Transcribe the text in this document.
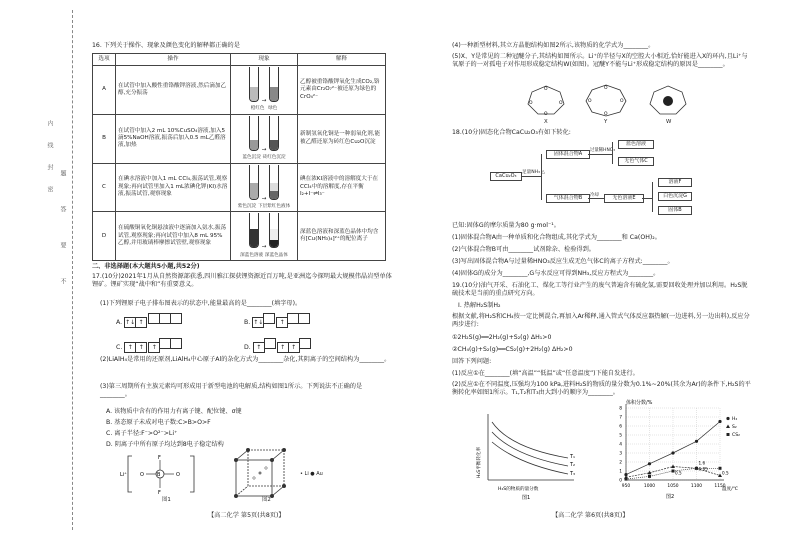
题答要不
内线封密
16. 下列关于操作、现象及颜色变化的解释都正确的是
选项	操作	现象	解释
A	在试管中加入酸性重铬酸钾溶液,然后滴加乙醇,充分振荡	→

橙红色 绿色	乙醇被重铬酸钾氧化生成CO₂,铬元素由Cr₂O₇²⁻被还原为绿色的CrO₄²⁻
B	在试管中加入2 mL 10%CuSO₄溶液,加入5滴5%NaOH溶液,振荡后加入0.5 mL乙醛溶液,加热	→

蓝色沉淀 砖红色沉淀	新制氢氧化铜是一种弱氧化剂,能被乙醛还原为砖红色Cu₂O沉淀
C	在碘水溶液中加入1 mL CCl₄,振荡试管,观察现象;再向试管里加入1 mL浓碘化钾(KI)水溶液,振荡试管,观察现象	→

紫色沉淀 下层紫红色液体	碘在浓KI溶液中的溶解度大于在CCl₄中的溶解度,存在平衡 I₂+I⁻⇌I₃⁻
D	在硫酸铜氧化铜悬浊液中逐滴加入氨水,振荡试管,观察现象;再向试管中加入8 mL 95%乙醇,并用玻璃棒摩擦试管壁,观察现象	→

深蓝色溶液 深蓝色晶体	深蓝色溶液和深蓝色晶体中均含有[Cu(NH₃)₄]²⁺的配位离子
二、非选择题(本大题共5小题,共52分)
17.(10分)2021年1月从自然资源部获悉,四川雅江探获锂资源近百万吨,是亚洲迄今探明最大规模伟晶岩型单体锂矿。锂矿实现“战中和”有重要意义。
(1)下列锂原子电子排布图表示的状态中,能量最高的是________(填字母)。
A. ↑↓ ↑	B. ↑↓	↑
C. ↑ ↑ ↑	D. ↑	↑ ↑
(2)LiAlH₄是常用的还原剂,LiAlH₄中心原子Al的杂化方式为________杂化,其阴离子的空间结构为________。
(3)第三周期所有主族元素均可形成用于新型电池的电解质,结构如图1所示。下列说法不正确的是________。
A. 该物质中含有的作用力有离子键、配位键、σ键
B. 基态原子未成对电子数:C>B>O>F
C. 离子半径:F⁻>O²⁻>Li⁺
D. 阴离子中所有原子均达到8电子稳定结构
B
O	O
F
F
Li⁺
图1
• Li ● Au
图2
【高二化学 第5页(共8页)】
(4)一种新型材料,其立方晶胞结构如图2所示,该物质的化学式为________。
(5)X、Y是常见的二种冠醚分子,其结构如图所示。Li⁺的半径与X的空腔大小相近,恰好能进入X的环内,且Li⁺与氧原子的一对孤电子对作用形成稳定结构W(如图)。冠醚Y不能与Li⁺形成稳定结构的原因是________。
O
O	O
O
O
O	O
O
X	Y	W
18.(10分)固态化合物CaCu₂O₃有如下转化:
CaCu₂O₃
足量NH₃ △
固体混合物A
过量稀HNO₃
蓝色溶液
无色气体C
气体混合物B	冷却	无色溶液E
溶液F
白色沉淀G
固体B
已知:固体G的摩尔质量为80 g·mol⁻¹。
(1)固体混合物A由一种单质和化合物组成,其化学式为________和 Ca(OH)₂。
(2)气体混合物B可由________试剂除杂、检验得到。
(3)写出固体混合物A与过量稀HNO₃反应生成无色气体C的离子方程式:________。
(4)固体G的成分为________,G与水反应可得到NH₃,反应方程式为________。
19.(10分)油气开采、石油化工、煤化工等行业产生的废气普遍含有硫化氢,需要回收处理并加以利用。H₂S脱硫技术是当前的重点研究方向。
Ⅰ. 热解H₂S制H₂
根据文献,将H₂S和CH₄按一定比例混合,再加入Ar稀释,通入管式气体反应器热解(一边进料,另一边出料),反应分两步进行:
①2H₂S(g)══2H₂(g)+S₂(g) ΔH₁>0
②CH₄(g)+S₂(g)══CS₂(g)+2H₂(g) ΔH₂>0
回答下列问题:
(1)反应①在________(填“高温”“低温”或“任意温度”)下能自发进行。
(2)反应①在不同温度,压强均为100 kPa,进料H₂S的物质的量分数为0.1%~20%(其余为Ar)的条件下,H₂S的平衡转化率如图1所示。T₁,T₂和T₃由大到小的顺序为________。
T₁
T₂
T₃
H₂S平衡转化率
H₂S的物质的量分数
图1
0
1
2
3
4
5
6
7
8
950	1000	1050	1100	1150
1.6
0.95
0.5
0.5
H₂
S₂
CS₂
体积分数/%
温度/℃
图2
【高二化学 第6页(共8页)】
